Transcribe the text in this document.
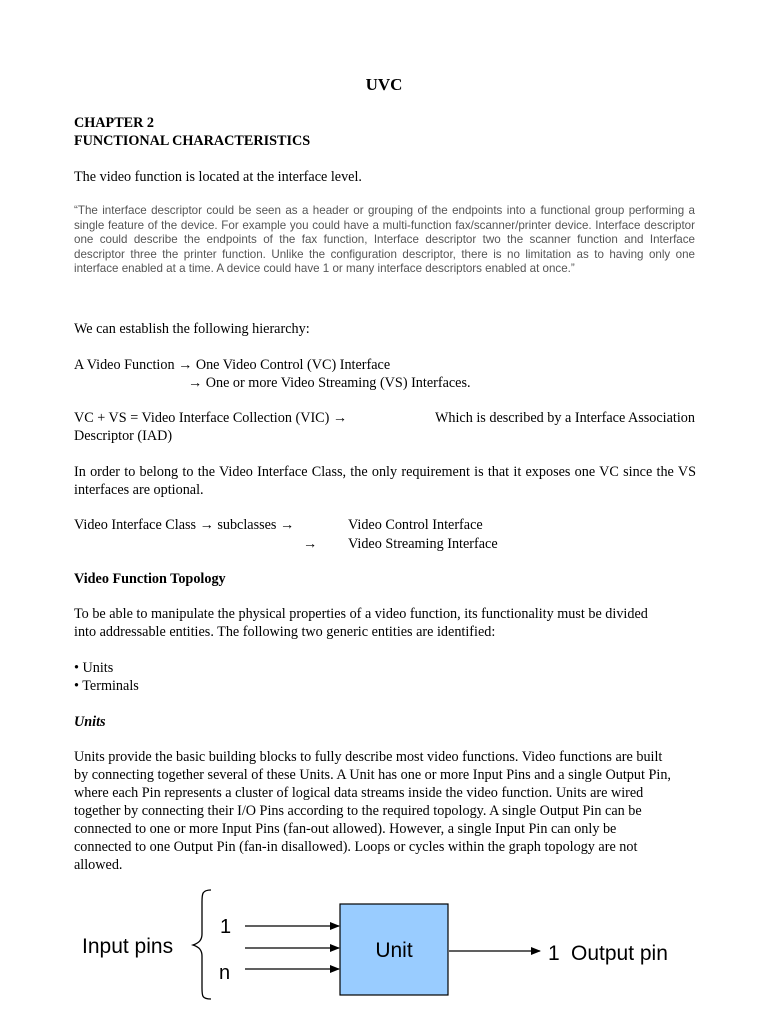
UVC
CHAPTER 2
FUNCTIONAL CHARACTERISTICS
The video function is located at the interface level.

“The interface descriptor could be seen as a header or grouping of the endpoints into a functional group performing a single feature of the device. For example you could have a multi-function fax/scanner/printer device. Interface descriptor one could describe the endpoints of the fax function, Interface descriptor two the scanner function and Interface descriptor three the printer function. Unlike the configuration descriptor, there is no limitation as to having only one interface enabled at a time. A device could have 1 or many interface descriptors enabled at once.”

We can establish the following hierarchy:
A Video Function → One Video Control (VC) Interface
→ One or more Video Streaming (VS) Interfaces.
VC + VS = Video Interface Collection (VIC) →	Which is described by a Interface Association
Descriptor (IAD)

In order to belong to the Video Interface Class, the only requirement is that it exposes one VC since the VS interfaces are optional.

Video Interface Class → subclasses →	Video Control Interface
→ Video Streaming Interface
Video Function Topology

To be able to manipulate the physical properties of a video function, its functionality must be divided into addressable entities. The following two generic entities are identified:

• Units
• Terminals
Units

Units provide the basic building blocks to fully describe most video functions. Video functions are built by connecting together several of these Units. A Unit has one or more Input Pins and a single Output Pin, where each Pin represents a cluster of logical data streams inside the video function. Units are wired together by connecting their I/O Pins according to the required topology. A single Output Pin can be connected to one or more Input Pins (fan-out allowed). However, a single Input Pin can only be connected to one Output Pin (fan-in disallowed). Loops or cycles within the graph topology are not allowed.

Input pins
1
n
Unit	1 Output pin
